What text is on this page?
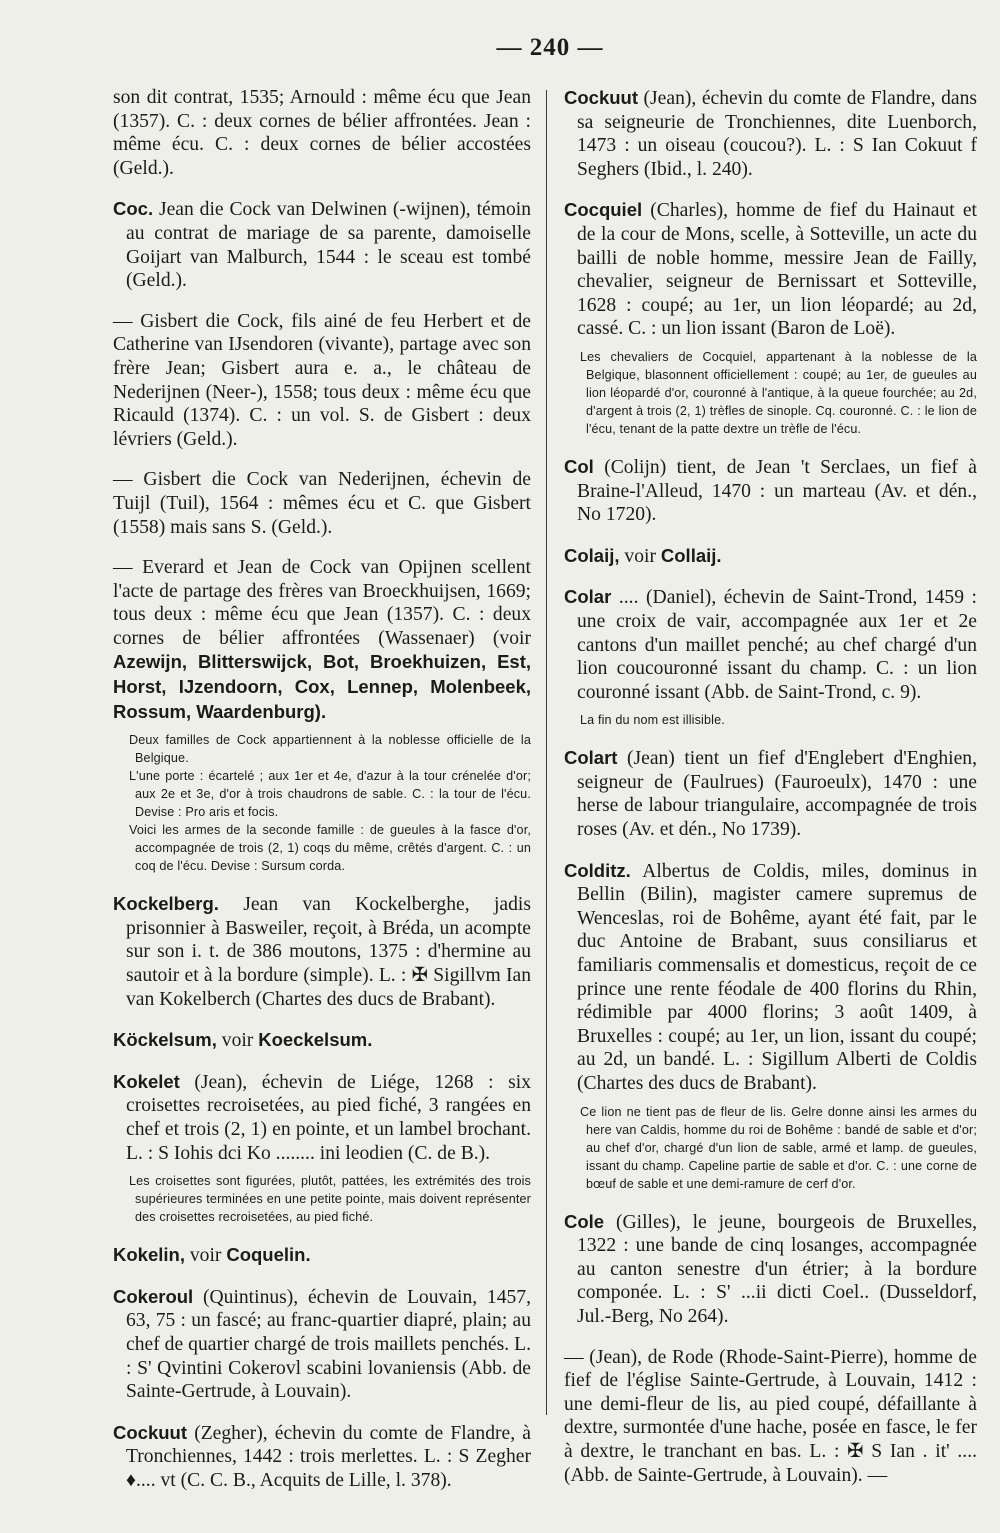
— 240 —

son dit contrat, 1535; Arnould : même écu que Jean (1357). C. : deux cornes de bélier affrontées. Jean : même écu. C. : deux cornes de bélier accostées (Geld.).

Coc. Jean die Cock van Delwinen (-wijnen), témoin au contrat de mariage de sa parente, damoiselle Goijart van Malburch, 1544 : le sceau est tombé (Geld.).

— Gisbert die Cock, fils ainé de feu Herbert et de Catherine van IJsendoren (vivante), partage avec son frère Jean; Gisbert aura e. a., le château de Nederijnen (Neer-), 1558; tous deux : même écu que Ricauld (1374). C. : un vol. S. de Gisbert : deux lévriers (Geld.).

— Gisbert die Cock van Nederijnen, échevin de Tuijl (Tuil), 1564 : mêmes écu et C. que Gisbert (1558) mais sans S. (Geld.).

— Everard et Jean de Cock van Opijnen scellent l'acte de partage des frères van Broeckhuijsen, 1669; tous deux : même écu que Jean (1357). C. : deux cornes de bélier affrontées (Wassenaer) (voir Azewijn, Blitterswijck, Bot, Broekhuizen, Est, Horst, IJzendoorn, Cox, Lennep, Molenbeek, Rossum, Waardenburg).

Deux familles de Cock appartiennent à la noblesse officielle de la Belgique.

L'une porte : écartelé ; aux 1er et 4e, d'azur à la tour crénelée d'or; aux 2e et 3e, d'or à trois chaudrons de sable. C. : la tour de l'écu. Devise : Pro aris et focis.

Voici les armes de la seconde famille : de gueules à la fasce d'or, accompagnée de trois (2, 1) coqs du même, crêtés d'argent. C. : un coq de l'écu. Devise : Sursum corda.

Kockelberg. Jean van Kockelberghe, jadis prisonnier à Basweiler, reçoit, à Bréda, un acompte sur son i. t. de 386 moutons, 1375 : d'hermine au sautoir et à la bordure (simple). L. : ✠ Sigillvm Ian van Kokelberch (Chartes des ducs de Brabant).

Köckelsum, voir Koeckelsum.

Kokelet (Jean), échevin de Liége, 1268 : six croisettes recroisetées, au pied fiché, 3 rangées en chef et trois (2, 1) en pointe, et un lambel brochant. L. : S Iohis dci Ko ........ ini leodien (C. de B.).

Les croisettes sont figurées, plutôt, pattées, les extrémités des trois supérieures terminées en une petite pointe, mais doivent représenter des croisettes recroisetées, au pied fiché.

Kokelin, voir Coquelin.

Cokeroul (Quintinus), échevin de Louvain, 1457, 63, 75 : un fascé; au franc-quartier diapré, plain; au chef de quartier chargé de trois maillets penchés. L. : S' Qvintini Cokerovl scabini lovaniensis (Abb. de Sainte-Gertrude, à Louvain).

Cockuut (Zegher), échevin du comte de Flandre, à Tronchiennes, 1442 : trois merlettes. L. : S Zegher ♦.... vt (C. C. B., Acquits de Lille, l. 378).

Cockuut (Jean), échevin du comte de Flandre, dans sa seigneurie de Tronchiennes, dite Luenborch, 1473 : un oiseau (coucou?). L. : S Ian Cokuut f Seghers (Ibid., l. 240).

Cocquiel (Charles), homme de fief du Hainaut et de la cour de Mons, scelle, à Sotteville, un acte du bailli de noble homme, messire Jean de Failly, chevalier, seigneur de Bernissart et Sotteville, 1628 : coupé; au 1er, un lion léopardé; au 2d, cassé. C. : un lion issant (Baron de Loë).

Les chevaliers de Cocquiel, appartenant à la noblesse de la Belgique, blasonnent officiellement : coupé; au 1er, de gueules au lion léopardé d'or, couronné à l'antique, à la queue fourchée; au 2d, d'argent à trois (2, 1) trèfles de sinople. Cq. couronné. C. : le lion de l'écu, tenant de la patte dextre un trèfle de l'écu.

Col (Colijn) tient, de Jean 't Serclaes, un fief à Braine-l'Alleud, 1470 : un marteau (Av. et dén., No 1720).

Colaij, voir Collaij.

Colar .... (Daniel), échevin de Saint-Trond, 1459 : une croix de vair, accompagnée aux 1er et 2e cantons d'un maillet penché; au chef chargé d'un lion coucouronné issant du champ. C. : un lion couronné issant (Abb. de Saint-Trond, c. 9).

La fin du nom est illisible.

Colart (Jean) tient un fief d'Englebert d'Enghien, seigneur de (Faulrues) (Fauroeulx), 1470 : une herse de labour triangulaire, accompagnée de trois roses (Av. et dén., No 1739).

Colditz. Albertus de Coldis, miles, dominus in Bellin (Bilin), magister camere supremus de Wenceslas, roi de Bohême, ayant été fait, par le duc Antoine de Brabant, suus consiliarus et familiaris commensalis et domesticus, reçoit de ce prince une rente féodale de 400 florins du Rhin, rédimible par 4000 florins; 3 août 1409, à Bruxelles : coupé; au 1er, un lion, issant du coupé; au 2d, un bandé. L. : Sigillum Alberti de Coldis (Chartes des ducs de Brabant).

Ce lion ne tient pas de fleur de lis. Gelre donne ainsi les armes du here van Caldis, homme du roi de Bohême : bandé de sable et d'or; au chef d'or, chargé d'un lion de sable, armé et lamp. de gueules, issant du champ. Capeline partie de sable et d'or. C. : une corne de bœuf de sable et une demi-ramure de cerf d'or.

Cole (Gilles), le jeune, bourgeois de Bruxelles, 1322 : une bande de cinq losanges, accompagnée au canton senestre d'un étrier; à la bordure componée. L. : S' ...ii dicti Coel.. (Dusseldorf, Jul.-Berg, No 264).

— (Jean), de Rode (Rhode-Saint-Pierre), homme de fief de l'église Sainte-Gertrude, à Louvain, 1412 : une demi-fleur de lis, au pied coupé, défaillante à dextre, surmontée d'une hache, posée en fasce, le fer à dextre, le tranchant en bas. L. : ✠ S Ian . it' .... (Abb. de Sainte-Gertrude, à Louvain). —
